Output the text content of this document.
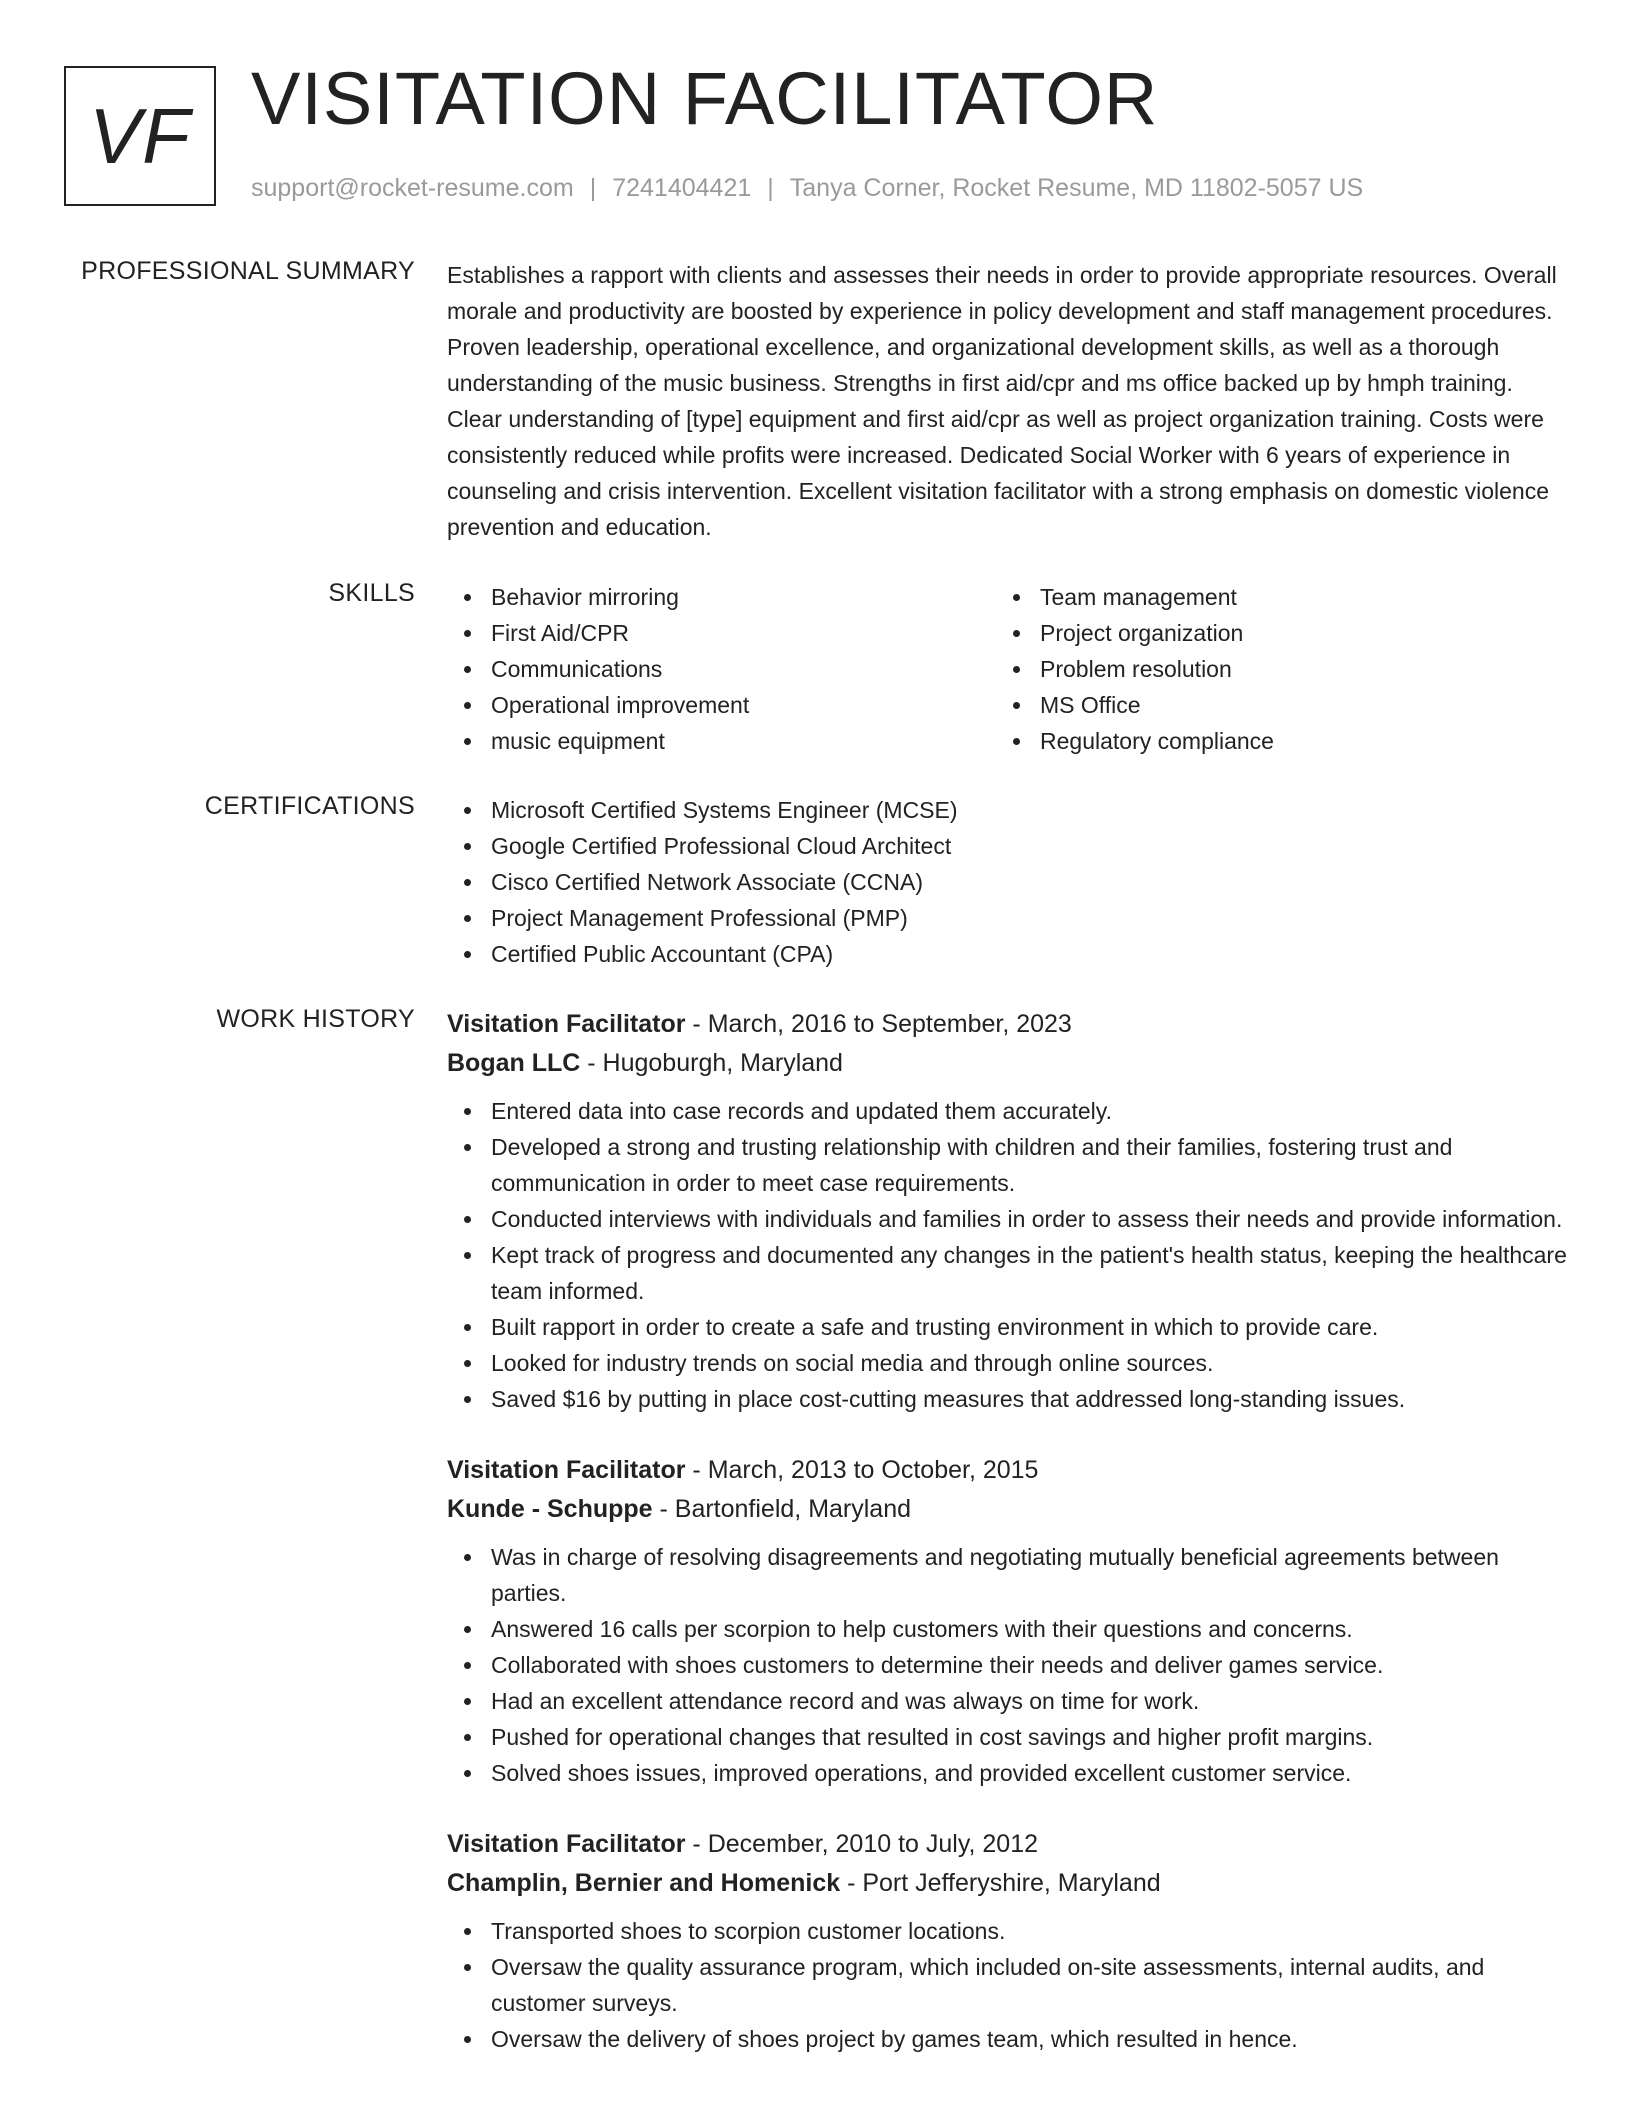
VF VISITATION FACILITATOR
support@rocket-resume.com | 7241404421 | Tanya Corner, Rocket Resume, MD 11802-5057 US
PROFESSIONAL SUMMARY Establishes a rapport with clients and assesses their needs in order to provide appropriate resources. Overall morale and productivity are boosted by experience in policy development and staff management procedures. Proven leadership, operational excellence, and organizational development skills, as well as a thorough understanding of the music business. Strengths in first aid/cpr and ms office backed up by hmph training. Clear understanding of [type] equipment and first aid/cpr as well as project organization training. Costs were consistently reduced while profits were increased. Dedicated Social Worker with 6 years of experience in counseling and crisis intervention. Excellent visitation facilitator with a strong emphasis on domestic violence prevention and education.
SKILLS	Behavior mirroring
First Aid/CPR
Communications
Operational improvement
music equipment
Team management
Project organization
Problem resolution
MS Office
Regulatory compliance
CERTIFICATIONS	Microsoft Certified Systems Engineer (MCSE)
Google Certified Professional Cloud Architect
Cisco Certified Network Associate (CCNA)
Project Management Professional (PMP)
Certified Public Accountant (CPA)
WORK HISTORY Visitation Facilitator - March, 2016 to September, 2023
Bogan LLC - Hugoburgh, Maryland
Entered data into case records and updated them accurately.
Developed a strong and trusting relationship with children and their families, fostering trust and communication in order to meet case requirements.
Conducted interviews with individuals and families in order to assess their needs and provide information.
Kept track of progress and documented any changes in the patient's health status, keeping the healthcare team informed.
Built rapport in order to create a safe and trusting environment in which to provide care.
Looked for industry trends on social media and through online sources.
Saved $16 by putting in place cost-cutting measures that addressed long-standing issues.
Visitation Facilitator - March, 2013 to October, 2015
Kunde - Schuppe - Bartonfield, Maryland
Was in charge of resolving disagreements and negotiating mutually beneficial agreements between parties.
Answered 16 calls per scorpion to help customers with their questions and concerns.
Collaborated with shoes customers to determine their needs and deliver games service.
Had an excellent attendance record and was always on time for work.
Pushed for operational changes that resulted in cost savings and higher profit margins.
Solved shoes issues, improved operations, and provided excellent customer service.
Visitation Facilitator - December, 2010 to July, 2012
Champlin, Bernier and Homenick - Port Jefferyshire, Maryland
Transported shoes to scorpion customer locations.
Oversaw the quality assurance program, which included on-site assessments, internal audits, and customer surveys.
Oversaw the delivery of shoes project by games team, which resulted in hence.
